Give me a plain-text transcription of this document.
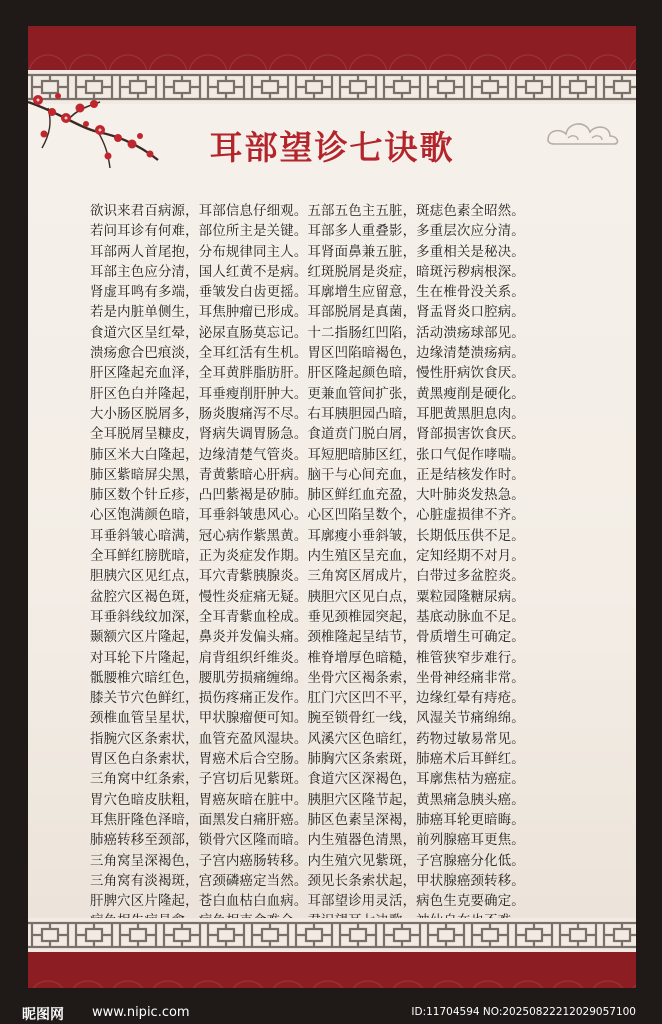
耳部望诊七诀歌
欲识来君百病源，耳部信息仔细观。五部五色主五脏，斑痣色素全昭然。
若问耳诊有何难，部位所主是关键。耳部多人重叠影，多重层次应分清。
耳部两人首尾抱，分布规律同主人。耳肾面鼻兼五脏，多重相关是秘决。
耳部主色应分清，国人红黄不是病。红斑脱屑是炎症，暗斑污秽病根深。
肾虚耳鸣有多端，垂皱发白齿更摇。耳廓增生应留意，生在椎骨没关系。
若是内脏单侧生，耳焦肿瘤已形成。耳部脱屑是真菌，肾盂肾炎口腔病。
食道穴区呈红晕，泌尿直肠莫忘记。十二指肠红凹陷，活动溃疡球部见。
溃疡愈合巴痕淡，全耳红活有生机。胃区凹陷暗褐色，边缘清楚溃疡病。
肝区隆起充血泽，全耳黄胖脂肪肝。肝区隆起颜色暗，慢性肝病饮食厌。
肝区色白并隆起，耳垂瘦削肝肿大。更兼血管间扩张，黄黑瘦削是硬化。
大小肠区脱屑多，肠炎腹痛泻不尽。右耳胰胆园凸暗，耳肥黄黑胆息肉。
全耳脱屑呈糠皮，肾病失调胃肠急。食道贲门脱白屑，肾部损害饮食厌。
肺区米大白隆起，边缘清楚气管炎。耳短肥暗肺区红，张口气促作哮喘。
肺区紫暗屏尖黑，青黄紫暗心肝病。脑干与心间充血，正是结核发作时。
肺区数个针丘疹，凸凹紫褐是矽肺。肺区鲜红血充盈，大叶肺炎发热急。
心区饱满颜色暗，耳垂斜皱患风心。心区凹陷呈数个，心脏虚损律不齐。
耳垂斜皱心暗满，冠心病作紫黑黄。耳廓瘦小垂斜皱，长期低压供不足。
全耳鲜红膀胱暗，正为炎症发作期。内生殖区呈充血，定知经期不对月。
胆胰穴区见红点，耳穴青紫胰腺炎。三角窝区屑成片，白带过多盆腔炎。
盆腔穴区褐色斑，慢性炎症痛无疑。胰胆穴区见白点，粟粒园隆糖尿病。
耳垂斜线纹加深，全耳青紫血栓成。垂见颈椎园突起，基底动脉血不足。
颞额穴区片隆起，鼻炎并发偏头痛。颈椎隆起呈结节，骨质增生可确定。
对耳轮下片隆起，肩背组织纤维炎。椎脊增厚色暗糙，椎管狭窄步难行。
骶腰椎穴暗红色，腰肌劳损痛缠绵。坐骨穴区褐条索，坐骨神经痛非常。
膝关节穴色鲜红，损伤疼痛正发作。肛门穴区凹不平，边缘红晕有痔疮。
颈椎血管呈星状，甲状腺瘤便可知。腕至锁骨红一线，风湿关节痛绵绵。
指腕穴区条索状，血管充盈风湿块。风溪穴区色暗红，药物过敏易常见。
胃区色白条索状，胃癌术后合空肠。肺胸穴区条索斑，肺癌术后耳鲜红。
三角窝中红条索，子宫切后见紫斑。食道穴区深褐色，耳廓焦枯为癌症。
胃穴色暗皮肤粗，胃癌灰暗在脏中。胰胆穴区隆节起，黄黑痛急胰头癌。
耳焦肝隆色泽暗，面黑发白痛肝癌。肺区色素呈深褐，肺癌耳轮更暗晦。
肺癌转移至颈部，锁骨穴区隆而暗。内生殖器色清黑，前列腺癌耳更焦。
三角窝呈深褐色，子宫内癌肠转移。内生殖穴见紫斑，子宫腺癌分化低。
三角窝有淡褐斑，宫颈磷癌定当然。颈见长条索状起，甲状腺癌颈转移。
肝脾穴区片隆起，苍白血枯白血病。耳部望诊用灵活，病色生克要确定。
昵图网 www.nipic.com	ID:11704594 NO:20250822212029057100
